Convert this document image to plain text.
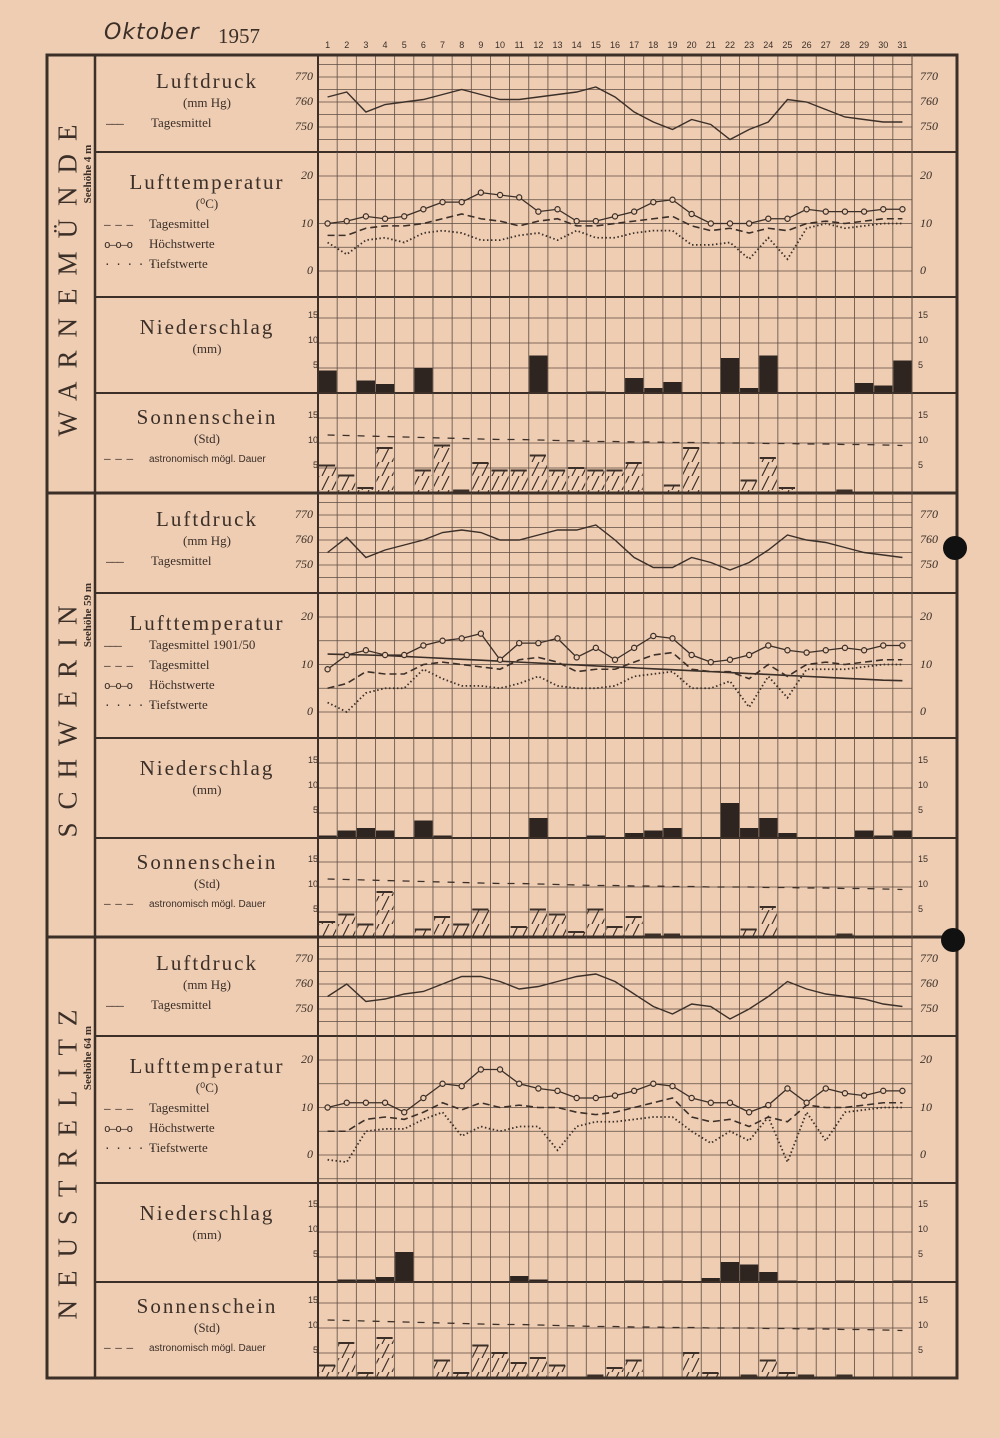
Oktober 1957	1	2	3	4	5	6	7	8	9	10	11	12	13	14	15	16	17	18	19	20	21	22	23	24	25	26	27	28	29	30	31
WARNEMÜNDE Seehöhe 4 m
770	770
760	760
750	750
Luftdruck
(mm Hg)
——— Tagesmittel
20	20
10	10
0	0
Lufttemperatur
(⁰C)
— — — Tagesmittel
o—o—o Höchstwerte
· · · · ·Tiefstwerte
15	15
10	10
5	5
Niederschlag
(mm)
15	15
10	10
5	5
Sonnenschein
(Std)
— — — astronomisch mögl. Dauer
SCHWERIN Seehöhe 59 m
770	770
760	760
750	750
Luftdruck
(mm Hg)
——— Tagesmittel
20	20
10	10
0	0
Lufttemperatur
——— Tagesmittel 1901/50
— — — Tagesmittel
o—o—o Höchstwerte
· · · · ·Tiefstwerte
15	15
10	10
5	5
Niederschlag
(mm)
15	15
10	10
5	5
Sonnenschein
(Std)
— — — astronomisch mögl. Dauer
NEUSTRELITZ Seehöhe 64 m
770	770
760	760
750	750
Luftdruck
(mm Hg)
——— Tagesmittel
20	20
10	10
0	0
Lufttemperatur
(⁰C)
— — — Tagesmittel
o—o—o Höchstwerte
· · · · ·Tiefstwerte
15	15
10	10
5	5
Niederschlag
(mm)
15	15
10	10
5	5
Sonnenschein
(Std)
— — — astronomisch mögl. Dauer
